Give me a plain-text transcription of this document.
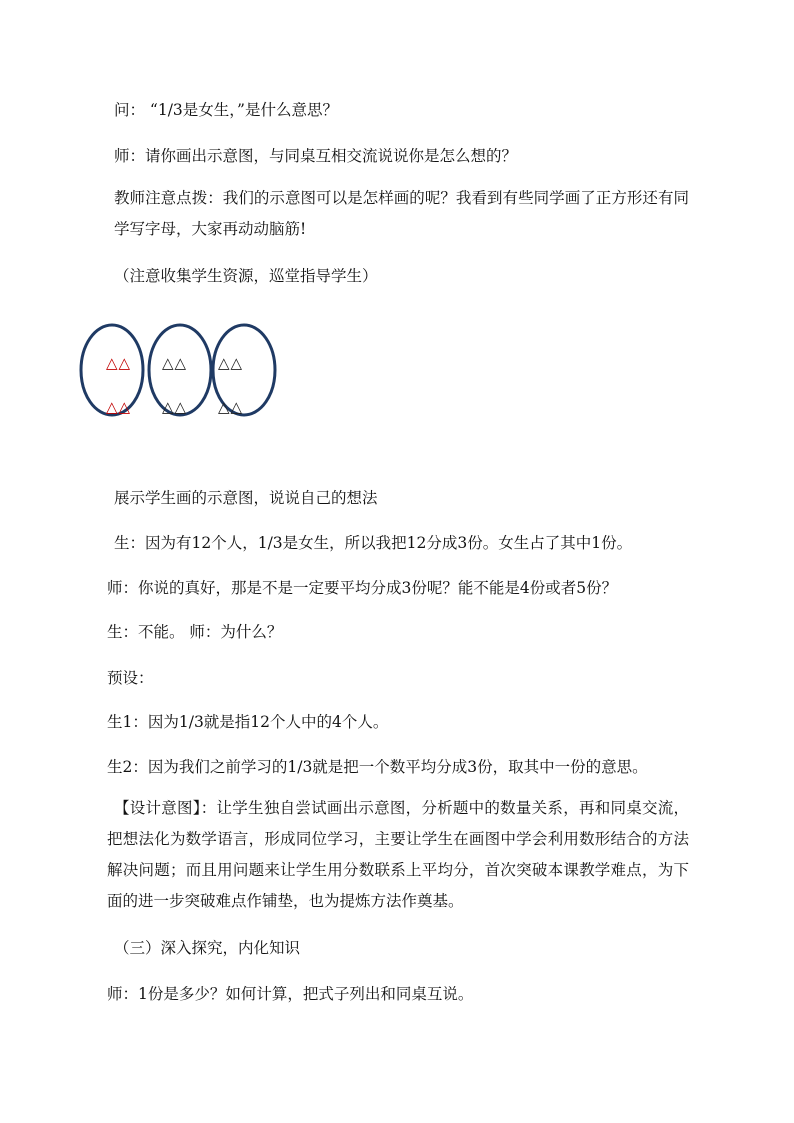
问： “1/3是女生，”是什么意思？
师：请你画出示意图，与同桌互相交流说说你是怎么想的？
教师注意点拨：我们的示意图可以是怎样画的呢？我看到有些同学画了正方形还有同学写字母，大家再动动脑筋!
（注意收集学生资源，巡堂指导学生）
△△
△△
△△
△△
△△
△△
展示学生画的示意图，说说自己的想法
生：因为有12个人，1/3是女生，所以我把12分成3份。女生占了其中1份。
师：你说的真好，那是不是一定要平均分成3份呢？能不能是4份或者5份？
生：不能。 师：为什么？
预设：
生1：因为1/3就是指12个人中的4个人。
生2：因为我们之前学习的1/3就是把一个数平均分成3份，取其中一份的意思。
【设计意图】：让学生独自尝试画出示意图，分析题中的数量关系，再和同桌交流，把想法化为数学语言，形成同位学习，主要让学生在画图中学会利用数形结合的方法解决问题；而且用问题来让学生用分数联系上平均分，首次突破本课教学难点，为下面的进一步突破难点作铺垫，也为提炼方法作奠基。
（三）深入探究，内化知识
师：1份是多少？如何计算，把式子列出和同桌互说。
